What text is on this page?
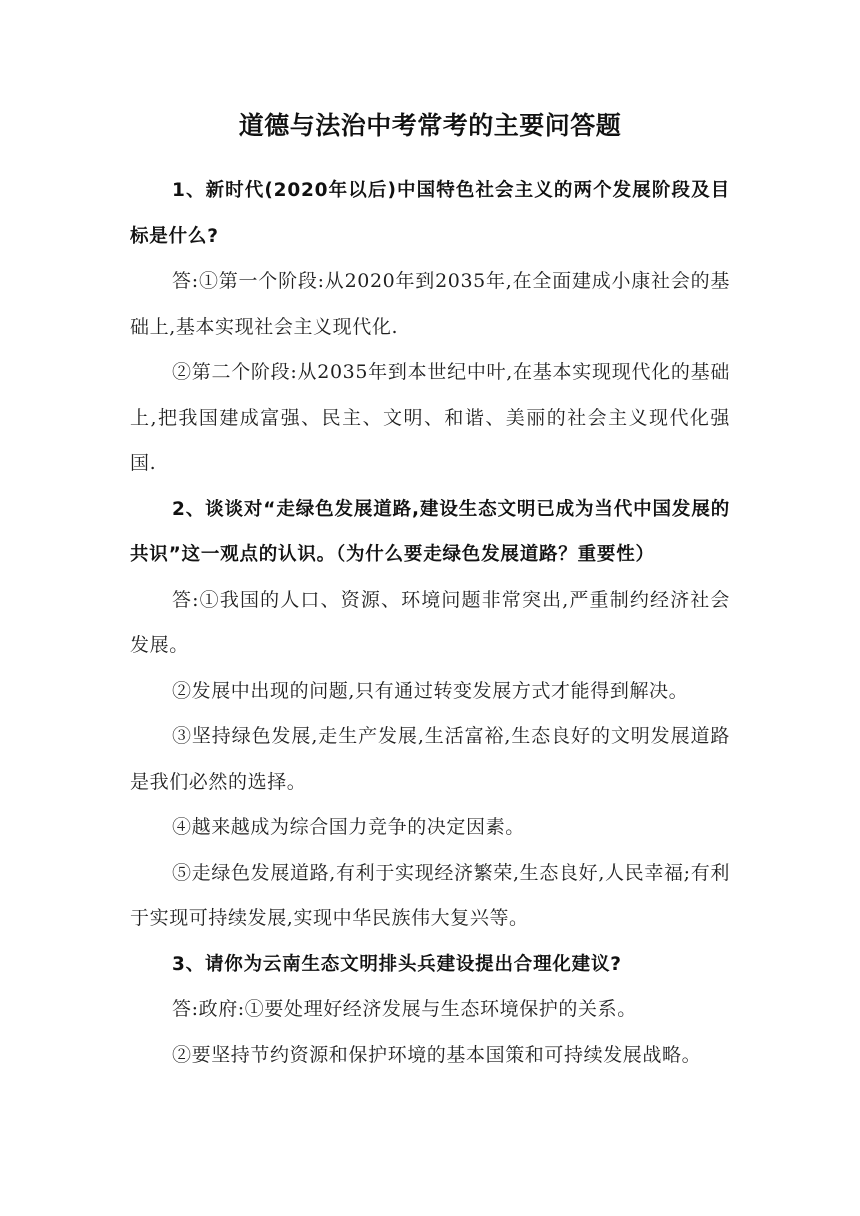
道德与法治中考常考的主要问答题

1、新时代(2020年以后)中国特色社会主义的两个发展阶段及目标是什么?

答:①第一个阶段:从2020年到2035年,在全面建成小康社会的基础上,基本实现社会主义现代化.

②第二个阶段:从2035年到本世纪中叶,在基本实现现代化的基础上,把我国建成富强、民主、文明、和谐、美丽的社会主义现代化强国.

2、谈谈对“走绿色发展道路,建设生态文明已成为当代中国发展的共识”这一观点的认识。（为什么要走绿色发展道路？重要性）

答:①我国的人口、资源、环境问题非常突出,严重制约经济社会发展。

②发展中出现的问题,只有通过转变发展方式才能得到解决。

③坚持绿色发展,走生产发展,生活富裕,生态良好的文明发展道路是我们必然的选择。

④越来越成为综合国力竞争的决定因素。

⑤走绿色发展道路,有利于实现经济繁荣,生态良好,人民幸福;有利于实现可持续发展,实现中华民族伟大复兴等。

3、请你为云南生态文明排头兵建设提出合理化建议?

答:政府:①要处理好经济发展与生态环境保护的关系。

②要坚持节约资源和保护环境的基本国策和可持续发展战略。
